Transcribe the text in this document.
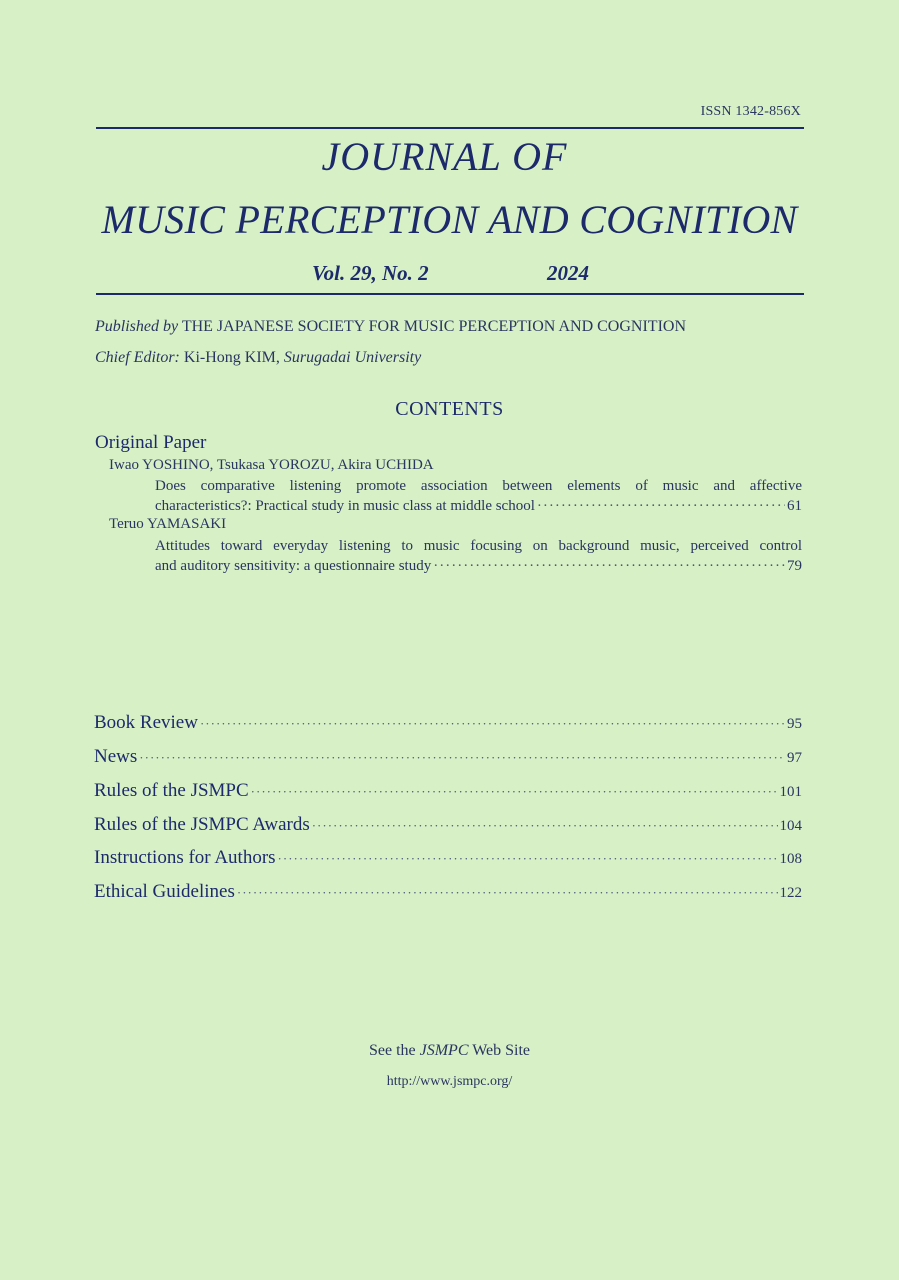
ISSN 1342-856X
JOURNAL OF
MUSIC PERCEPTION AND COGNITION
Vol. 29, No. 2	2024
Published by THE JAPANESE SOCIETY FOR MUSIC PERCEPTION AND COGNITION
Chief Editor: Ki-Hong KIM, Surugadai University
CONTENTS
Original Paper
Iwao YOSHINO, Tsukasa YOROZU, Akira UCHIDA
Does comparative listening promote association between elements of music and affective
characteristics?: Practical study in music class at middle school ·····	61
Teruo YAMASAKI
Attitudes toward everyday listening to music focusing on background music, perceived control
and auditory sensitivity: a questionnaire study ·····	79
Book Review ·····	95
News ·····	97
Rules of the JSMPC ·····	101
Rules of the JSMPC Awards ·····	104
Instructions for Authors ·····	108
Ethical Guidelines ·····	122
See the JSMPC Web Site
http://www.jsmpc.org/
